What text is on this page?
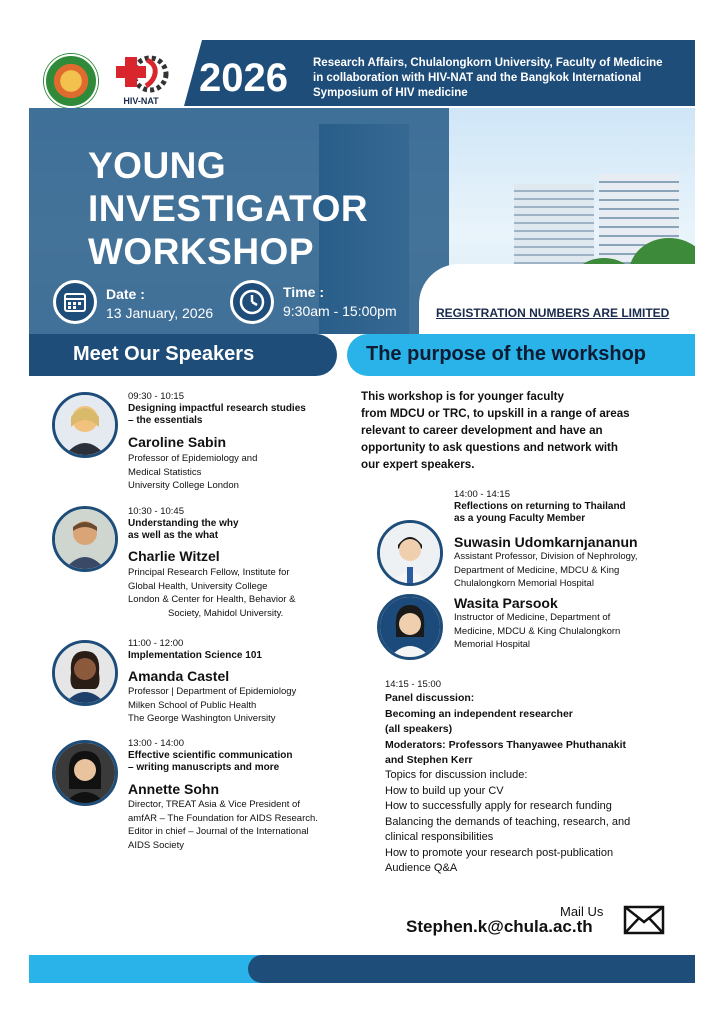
HIV-NAT
2026 Research Affairs, Chulalongkorn University, Faculty of Medicine
in collaboration with HIV-NAT and the Bangkok International
Symposium of HIV medicine
YOUNG
INVESTIGATOR
WORKSHOP
Date :
13 January, 2026
Time :
9:30am - 15:00pm	REGISTRATION NUMBERS ARE LIMITED
Meet Our Speakers	The purpose of the workshop
09:30 - 10:15
Designing impactful research studies
– the essentials
Caroline Sabin
Professor of Epidemiology and
Medical Statistics
University College London
10:30 - 10:45
Understanding the why
as well as the what
Charlie Witzel
Principal Research Fellow, Institute for
Global Health, University College
London & Center for Health, Behavior &
Society, Mahidol University.
11:00 - 12:00
Implementation Science 101
Amanda Castel
Professor | Department of Epidemiology
Milken School of Public Health
The George Washington University
13:00 - 14:00
Effective scientific communication
– writing manuscripts and more
Annette Sohn
Director, TREAT Asia & Vice President of
amfAR – The Foundation for AIDS Research.
Editor in chief – Journal of the International
AIDS Society
This workshop is for younger faculty
from MDCU or TRC, to upskill in a range of areas
relevant to career development and have an
opportunity to ask questions and network with
our expert speakers.
14:00 - 14:15
Reflections on returning to Thailand
as a young Faculty Member
Suwasin Udomkarnjananun
Assistant Professor, Division of Nephrology,
Department of Medicine, MDCU & King
Chulalongkorn Memorial Hospital
Wasita Parsook
Instructor of Medicine, Department of
Medicine, MDCU & King Chulalongkorn
Memorial Hospital
14:15 - 15:00
Panel discussion:
Becoming an independent researcher
(all speakers)
Moderators: Professors Thanyawee Phuthanakit
and Stephen Kerr
Topics for discussion include:
How to build up your CV
How to successfully apply for research funding
Balancing the demands of teaching, research, and
clinical responsibilities
How to promote your research post-publication
Audience Q&A
Mail Us
Stephen.k@chula.ac.th
